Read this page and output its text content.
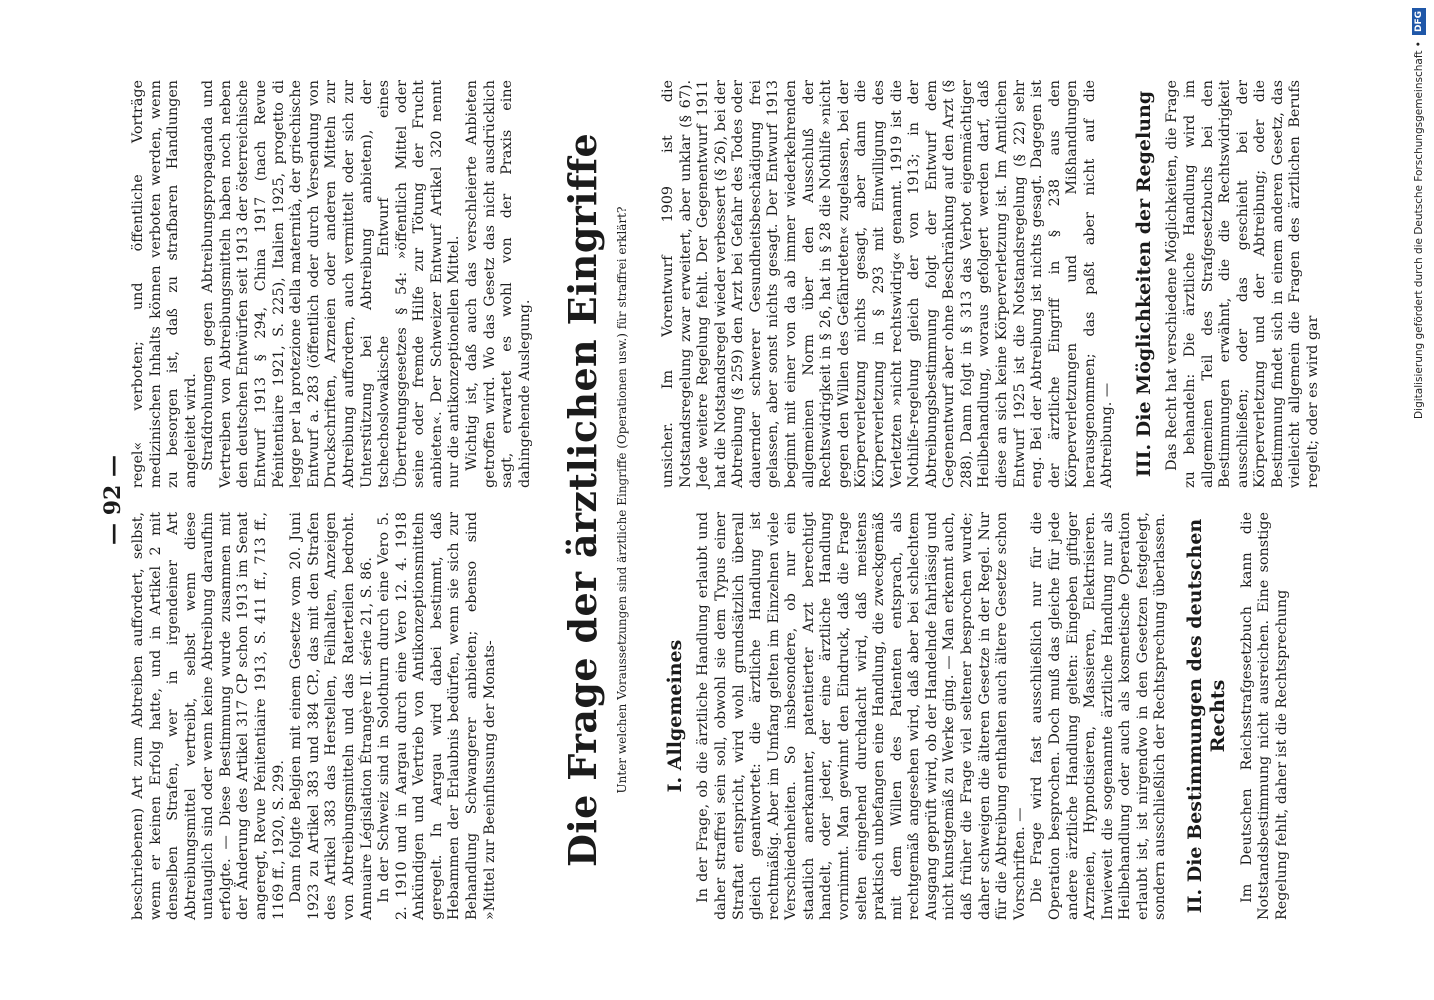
— 92 —

beschriebenen) Art zum Abtreiben auffordert, selbst, wenn er keinen Erfolg hatte, und in Artikel 2 mit denselben Strafen, wer in irgendeiner Art Abtreibungsmittel vertreibt, selbst wenn diese untauglich sind oder wenn keine Abtreibung daraufhin erfolgte. — Diese Bestimmung wurde zusammen mit der Änderung des Artikel 317 CP schon 1913 im Senat angeregt, Revue Pénitentiaire 1913, S. 411 ff., 713 ff., 1169 ff., 1920, S. 299. Dann folgte Belgien mit einem Gesetze vom 20. Juni 1923 zu Artikel 383 und 384 CP., das mit den Strafen des Artikel 383 das Herstellen, Feilhalten, Anzeigen von Abtreibungsmitteln und das Raterteilen bedroht. Annuaire Législation Étrangère II. série 21, S. 86. In der Schweiz sind in Solothurn durch eine Vero 5. 2. 1910 und in Aargau durch eine Vero 12. 4. 1918 Ankündigen und Vertrieb von Antikonzeptionsmitteln geregelt. In Aargau wird dabei bestimmt, daß Hebammen der Erlaubnis bedürfen, wenn sie sich zur Behandlung Schwangerer anbieten; ebenso sind »Mittel zur Beeinflussung der Monats-

regel« verboten; und öffentliche Vorträge medizinischen Inhalts können verboten werden, wenn zu besorgen ist, daß zu strafbaren Handlungen angeleitet wird. Strafdrohungen gegen Abtreibungspropaganda und Vertreiben von Abtreibungsmitteln haben noch neben den deutschen Entwürfen seit 1913 der österreichische Entwurf 1913 § 294, China 1917 (nach Revue Pénitentiaire 1921, S. 225), Italien 1925, progetto di legge per la protezione della maternità, der griechische Entwurf a. 283 (öffentlich oder durch Versendung von Druckschriften, Arzneien oder anderen Mitteln zur Abtreibung auffordern, auch vermittelt oder sich zur Unterstützung bei Abtreibung anbieten), der tschechoslowakische Entwurf eines Übertretungsgesetzes § 54: »öffentlich Mittel oder seine oder fremde Hilfe zur Tötung der Frucht anbieten«. Der Schweizer Entwurf Artikel 320 nennt nur die antikonzeptionellen Mittel. Wichtig ist, daß auch das verschleierte Anbieten getroffen wird. Wo das Gesetz das nicht ausdrücklich sagt, erwartet es wohl von der Praxis eine dahingehende Auslegung. Die Frage der ärztlichen Eingriffe Unter welchen Voraussetzungen sind ärztliche Eingriffe (Operationen usw.) für straffrei erklärt? I. Allgemeines In der Frage, ob die ärztliche Handlung erlaubt und daher straffrei sein soll, obwohl sie dem Typus einer Straftat entspricht, wird wohl grundsätzlich überall gleich geantwortet: die ärztliche Handlung ist rechtmäßig. Aber im Umfang gelten im Einzelnen viele Verschiedenheiten. So insbesondere, ob nur ein staatlich anerkannter, patentierter Arzt berechtigt handelt, oder jeder, der eine ärztliche Handlung vornimmt. Man gewinnt den Eindruck, daß die Frage selten eingehend durchdacht wird, daß meistens praktisch unbefangen eine Handlung, die zweckgemäß mit dem Willen des Patienten entsprach, als rechtgemäß angesehen wird, daß aber bei schlechtem Ausgang geprüft wird, ob der Handelnde fahrlässig und nicht kunstgemäß zu Werke ging. — Man erkennt auch, daß früher die Frage viel seltener besprochen wurde; daher schweigen die älteren Gesetze in der Regel. Nur für die Abtreibung enthalten auch ältere Gesetze schon Vorschriften. — Die Frage wird fast ausschließlich nur für die Operation besprochen. Doch muß das gleiche für jede andere ärztliche Handlung gelten: Eingeben giftiger Arzneien, Hypnotisieren, Massieren, Elektrisieren. Inwieweit die sogenannte ärztliche Handlung nur als Heilbehandlung oder auch als kosmetische Operation erlaubt ist, ist nirgendwo in den Gesetzen festgelegt, sondern ausschließlich der Rechtsprechung überlassen. II. Die Bestimmungen des deutschen Rechts Im Deutschen Reichsstrafgesetzbuch kann die Notstandsbestimmung nicht ausreichen. Eine sonstige Regelung fehlt, daher ist die Rechtsprechung

unsicher. Im Vorentwurf 1909 ist die Notstandsregelung zwar erweitert, aber unklar (§ 67). Jede weitere Regelung fehlt. Der Gegenentwurf 1911 hat die Notstandsregel wieder verbessert (§ 26), bei der Abtreibung (§ 259) den Arzt bei Gefahr des Todes oder dauernder schwerer Gesundheitsbeschädigung frei gelassen, aber sonst nichts gesagt. Der Entwurf 1913 beginnt mit einer von da ab immer wiederkehrenden allgemeinen Norm über den Ausschluß der Rechtswidrigkeit in § 26, hat in § 28 die Nothilfe »nicht gegen den Willen des Gefährdeten« zugelassen, bei der Körperverletzung nichts gesagt, aber dann die Körperverletzung in § 293 mit Einwilligung des Verletzten »nicht rechtswidrig« genannt. 1919 ist die Nothilfe-regelung gleich der von 1913; in der Abtreibungsbestimmung folgt der Entwurf dem Gegenentwurf aber ohne Beschränkung auf den Arzt (§ 288). Dann folgt in § 313 das Verbot eigenmächtiger Heilbehandlung, woraus gefolgert werden darf, daß diese an sich keine Körperverletzung ist. Im Amtlichen Entwurf 1925 ist die Notstandsregelung (§ 22) sehr eng. Bei der Abtreibung ist nichts gesagt. Dagegen ist der ärztliche Eingriff in § 238 aus den Körperverletzungen und Mißhandlungen herausgenommen; das paßt aber nicht auf die Abtreibung. — III. Die Möglichkeiten der Regelung Das Recht hat verschiedene Möglichkeiten, die Frage zu behandeln: Die ärztliche Handlung wird im allgemeinen Teil des Strafgesetzbuchs bei den Bestimmungen erwähnt, die die Rechtswidrigkeit ausschließen; oder das geschieht bei der Körperverletzung und der Abtreibung; oder die Bestimmung findet sich in einem anderen Gesetz, das vielleicht allgemein die Fragen des ärztlichen Berufs regelt; oder es wird gar	Digitalisierung gefördert durch die Deutsche Forschungsgemeinschaft •DFG
